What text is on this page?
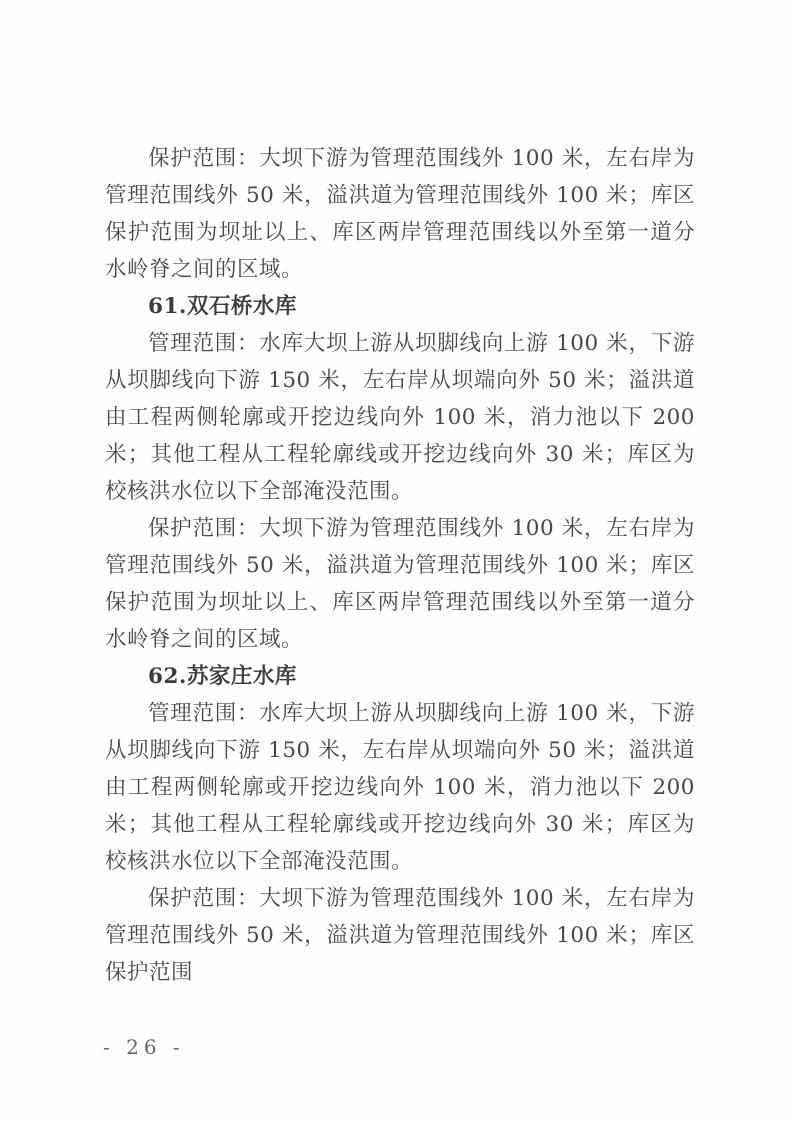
保护范围：大坝下游为管理范围线外 100 米，左右岸为管理范围线外 50 米，溢洪道为管理范围线外 100 米；库区保护范围为坝址以上、库区两岸管理范围线以外至第一道分水岭脊之间的区域。

61.双石桥水库

管理范围：水库大坝上游从坝脚线向上游 100 米，下游从坝脚线向下游 150 米，左右岸从坝端向外 50 米；溢洪道由工程两侧轮廓或开挖边线向外 100 米，消力池以下 200 米；其他工程从工程轮廓线或开挖边线向外 30 米；库区为校核洪水位以下全部淹没范围。

保护范围：大坝下游为管理范围线外 100 米，左右岸为管理范围线外 50 米，溢洪道为管理范围线外 100 米；库区保护范围为坝址以上、库区两岸管理范围线以外至第一道分水岭脊之间的区域。

62.苏家庄水库

管理范围：水库大坝上游从坝脚线向上游 100 米，下游从坝脚线向下游 150 米，左右岸从坝端向外 50 米；溢洪道由工程两侧轮廓或开挖边线向外 100 米，消力池以下 200 米；其他工程从工程轮廓线或开挖边线向外 30 米；库区为校核洪水位以下全部淹没范围。

保护范围：大坝下游为管理范围线外 100 米，左右岸为管理范围线外 50 米，溢洪道为管理范围线外 100 米；库区保护范围

- 26 -
